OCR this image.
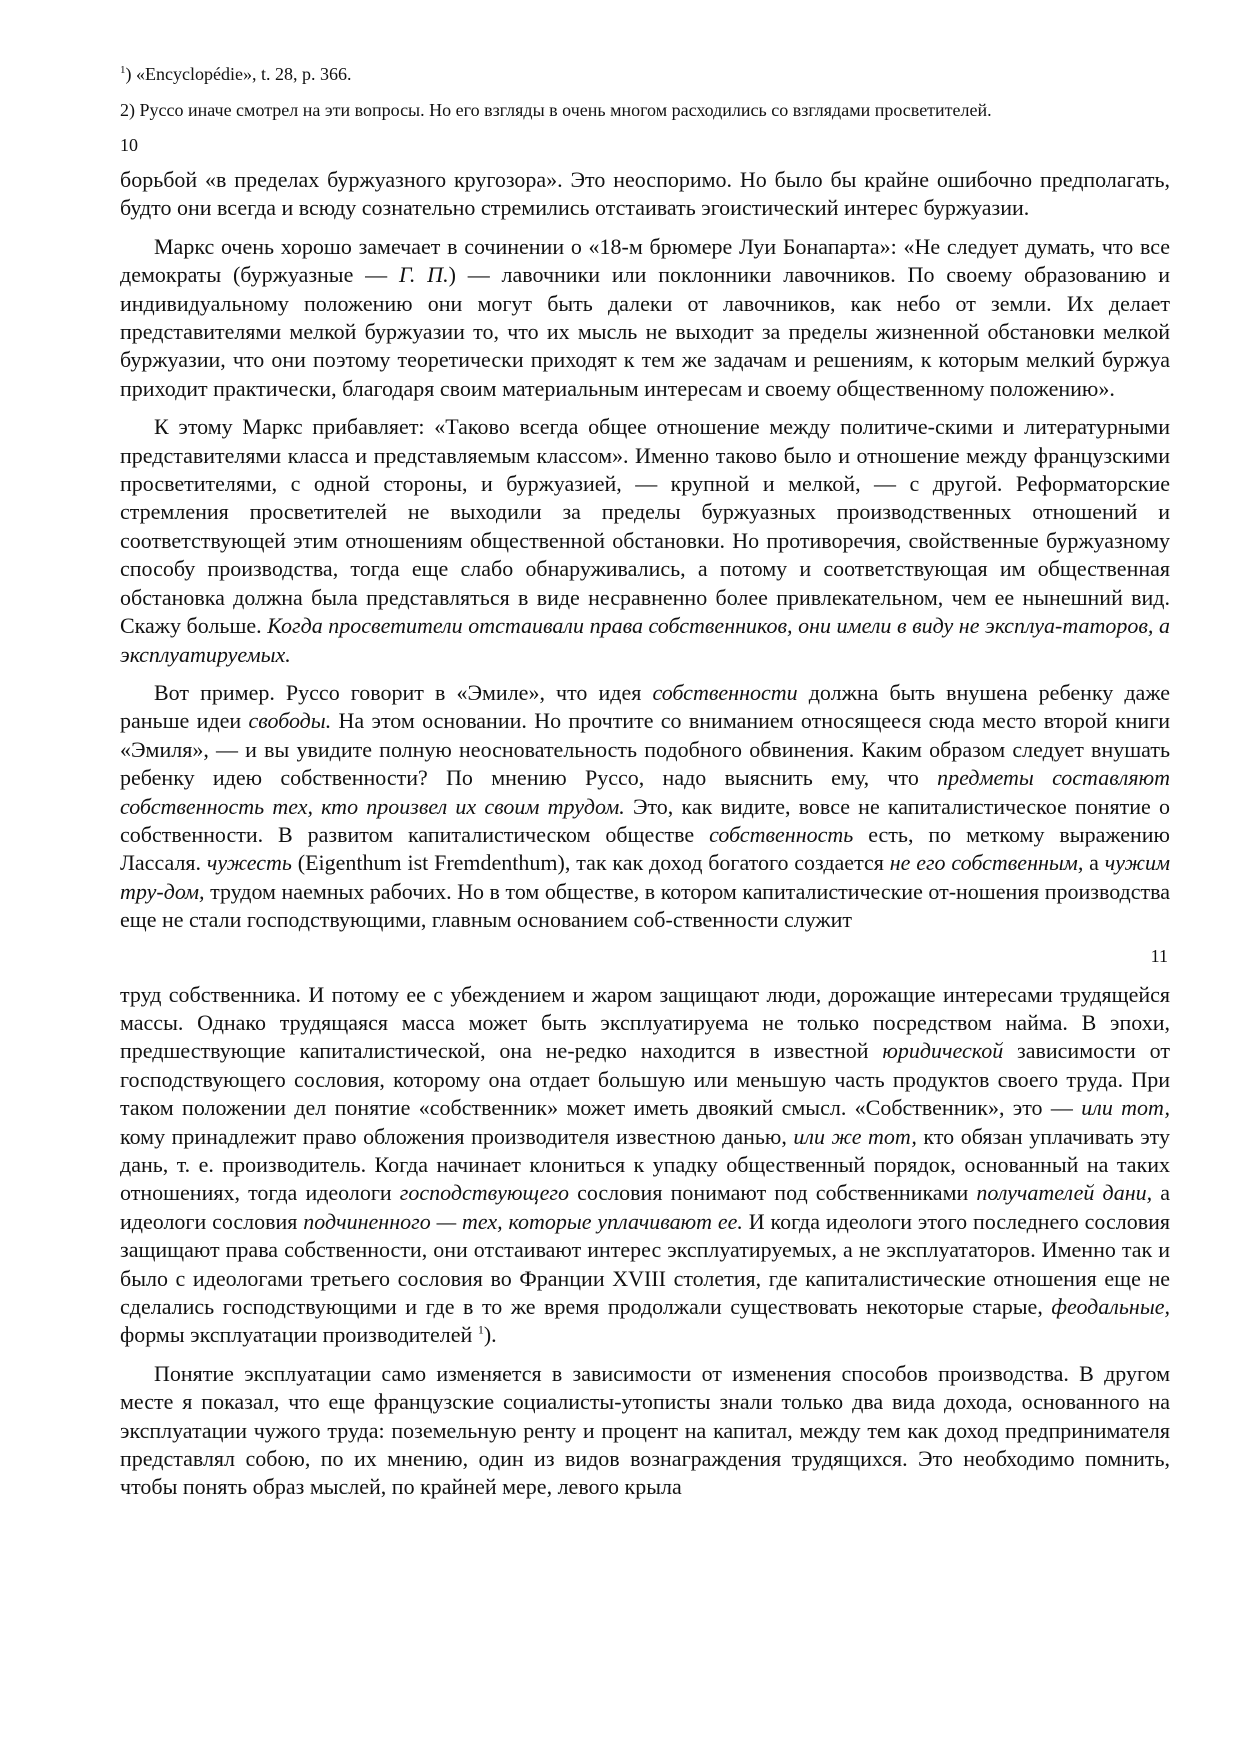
$^1$) «Encyclopédie», t. 28, p. 366.

2) Руссо иначе смотрел на эти вопросы. Но его взгляды в очень многом расходились со взглядами просветителей.

10

борьбой «в пределах буржуазного кругозора». Это неоспоримо. Но было бы крайне ошибочно предполагать, будто они всегда и всюду сознательно стремились отстаивать эгоистический интерес буржуазии.

Маркс очень хорошо замечает в сочинении о «18-м брюмере Луи Бонапарта»: «Не следует думать, что все демократы (буржуазные — Г. П.) — лавочники или поклонники лавочников. По своему образованию и индивидуальному положению они могут быть далеки от лавочников, как небо от земли. Их делает представителями мелкой буржуазии то, что их мысль не выходит за пределы жизненной обстановки мелкой буржуазии, что они поэтому теоретически приходят к тем же задачам и решениям, к которым мелкий буржуа приходит практически, благодаря своим материальным интересам и своему общественному положению».

К этому Маркс прибавляет: «Таково всегда общее отношение между политиче-скими и литературными представителями класса и представляемым классом». Именно таково было и отношение между французскими просветителями, с одной стороны, и буржуазией, — крупной и мелкой, — с другой. Реформаторские стремления просветителей не выходили за пределы буржуазных производственных отношений и соответствующей этим отношениям общественной обстановки. Но противоречия, свойственные буржуазному способу производства, тогда еще слабо обнаруживались, а потому и соответствующая им общественная обстановка должна была представляться в виде несравненно более привлекательном, чем ее нынешний вид. Скажу больше. Когда просветители отстаивали права собственников, они имели в виду не эксплуа-таторов, а эксплуатируемых.

Вот пример. Руссо говорит в «Эмиле», что идея собственности должна быть внушена ребенку даже раньше идеи свободы. На этом основании. Но прочтите со вниманием относящееся сюда место второй книги «Эмиля», — и вы увидите полную неосновательность подобного обвинения. Каким образом следует внушать ребенку идею собственности? По мнению Руссо, надо выяснить ему, что предметы составляют собственность тех, кто произвел их своим трудом. Это, как видите, вовсе не капиталистическое понятие о собственности. В развитом капиталистическом обществе собственность есть, по меткому выражению Лассаля. чужесть (Eigenthum ist Fremdenthum), так как доход богатого создается не его собственным, а чужим тру-дом, трудом наемных рабочих. Но в том обществе, в котором капиталистические от-ношения производства еще не стали господствующими, главным основанием соб-ственности служит

11

труд собственника. И потому ее с убеждением и жаром защищают люди, дорожащие интересами трудящейся массы. Однако трудящаяся масса может быть эксплуатируема не только посредством найма. В эпохи, предшествующие капиталистической, она не-редко находится в известной юридической зависимости от господствующего сословия, которому она отдает большую или меньшую часть продуктов своего труда. При таком положении дел понятие «собственник» может иметь двоякий смысл. «Собственник», это — или тот, кому принадлежит право обложения производителя известною данью, или же тот, кто обязан уплачивать эту дань, т. е. производитель. Когда начинает клониться к упадку общественный порядок, основанный на таких отношениях, тогда идеологи господствующего сословия понимают под собственниками получателей дани, а идеологи сословия подчиненного — тех, которые уплачивают ее. И когда идеологи этого последнего сословия защищают права собственности, они отстаивают интерес эксплуатируемых, а не эксплуататоров. Именно так и было с идеологами третьего сословия во Франции XVIII столетия, где капиталистические отношения еще не сделались господствующими и где в то же время продолжали существовать некоторые старые, феодальные, формы эксплуатации производителей $^1$).

Понятие эксплуатации само изменяется в зависимости от изменения способов производства. В другом месте я показал, что еще французские социалисты-утописты знали только два вида дохода, основанного на эксплуатации чужого труда: поземельную ренту и процент на капитал, между тем как доход предпринимателя представлял собою, по их мнению, один из видов вознаграждения трудящихся. Это необходимо помнить, чтобы понять образ мыслей, по крайней мере, левого крыла
